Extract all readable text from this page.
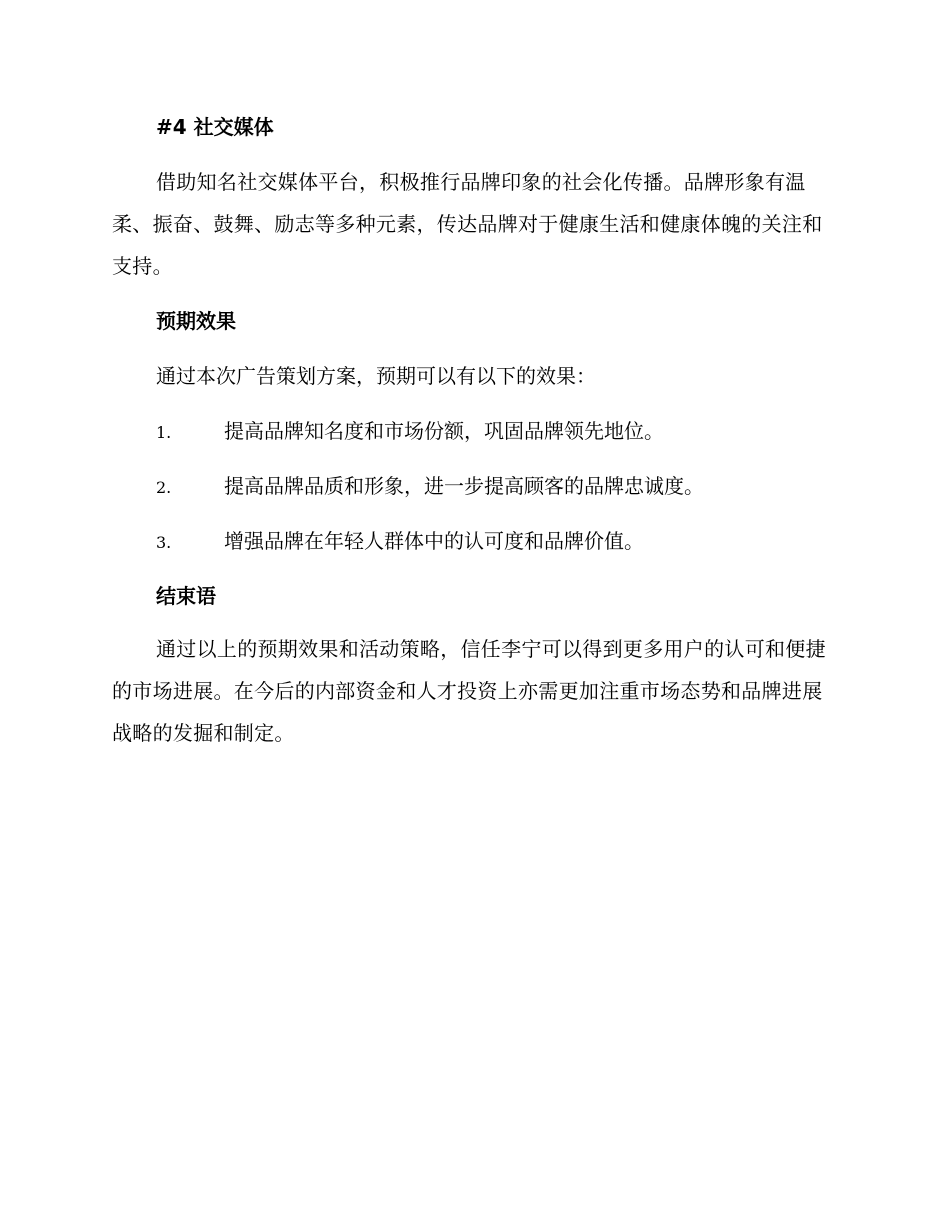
#4 社交媒体

借助知名社交媒体平台，积极推行品牌印象的社会化传播。品牌形象有温柔、振奋、鼓舞、励志等多种元素，传达品牌对于健康生活和健康体魄的关注和支持。

预期效果
通过本次广告策划方案，预期可以有以下的效果：
1.	提高品牌知名度和市场份额，巩固品牌领先地位。
2.	提高品牌品质和形象，进一步提高顾客的品牌忠诚度。
3.	增强品牌在年轻人群体中的认可度和品牌价值。
结束语

通过以上的预期效果和活动策略，信任李宁可以得到更多用户的认可和便捷的市场进展。在今后的内部资金和人才投资上亦需更加注重市场态势和品牌进展战略的发掘和制定。
